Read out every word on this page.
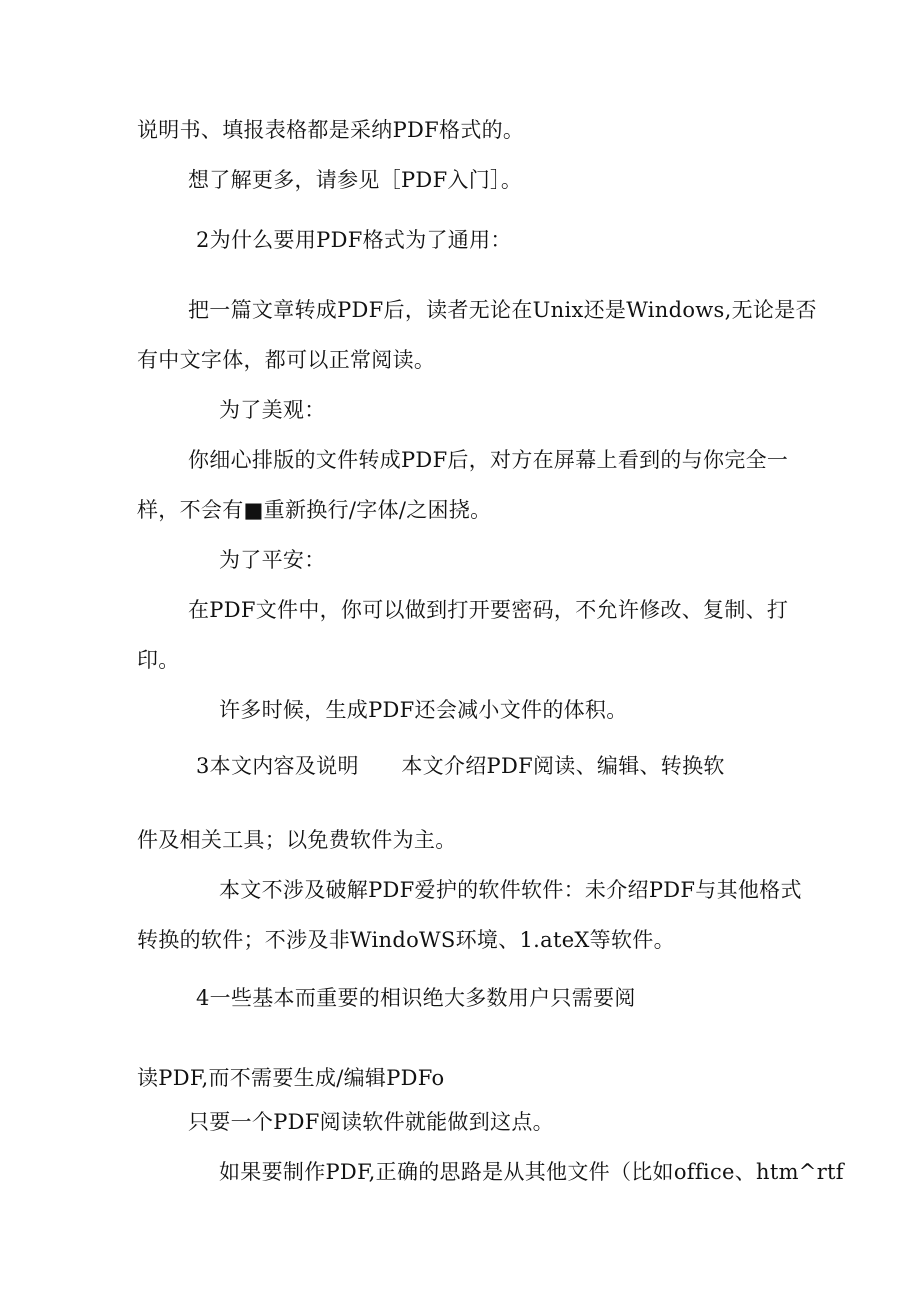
说明书、填报表格都是采纳PDF格式的。
想了解更多，请参见［PDF入门］。
2为什么要用PDF格式为了通用：
把一篇文章转成PDF后，读者无论在Unix还是Windows,无论是否
有中文字体，都可以正常阅读。
为了美观：
你细心排版的文件转成PDF后，对方在屏幕上看到的与你完全一
样，不会有■重新换行/字体/之困挠。
为了平安：
在PDF文件中，你可以做到打开要密码，不允许修改、复制、打
印。
许多时候，生成PDF还会减小文件的体积。
3本文内容及说明　　本文介绍PDF阅读、编辑、转换软
件及相关工具；以免费软件为主。
本文不涉及破解PDF爱护的软件软件：未介绍PDF与其他格式
转换的软件；不涉及非WindoWS环境、1.ateX等软件。
4一些基本而重要的相识绝大多数用户只需要阅
读PDF,而不需要生成/编辑PDFo
只要一个PDF阅读软件就能做到这点。
如果要制作PDF,正确的思路是从其他文件（比如office、htm^rtf
